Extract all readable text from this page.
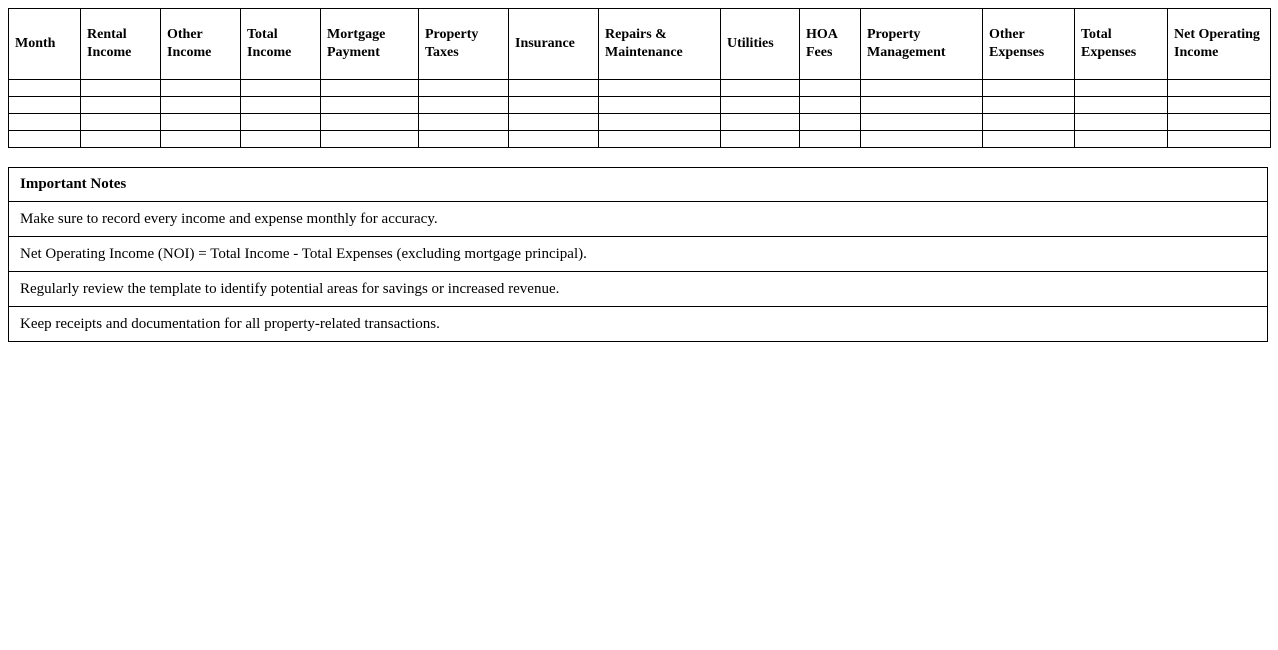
Month	Rental Income	Other Income	Total Income	Mortgage Payment	Property Taxes	Insurance	Repairs & Maintenance	Utilities	HOA Fees	Property Management	Other Expenses	Total Expenses	Net Operating Income

Important Notes
Make sure to record every income and expense monthly for accuracy.
Net Operating Income (NOI) = Total Income - Total Expenses (excluding mortgage principal).
Regularly review the template to identify potential areas for savings or increased revenue.
Keep receipts and documentation for all property-related transactions.
